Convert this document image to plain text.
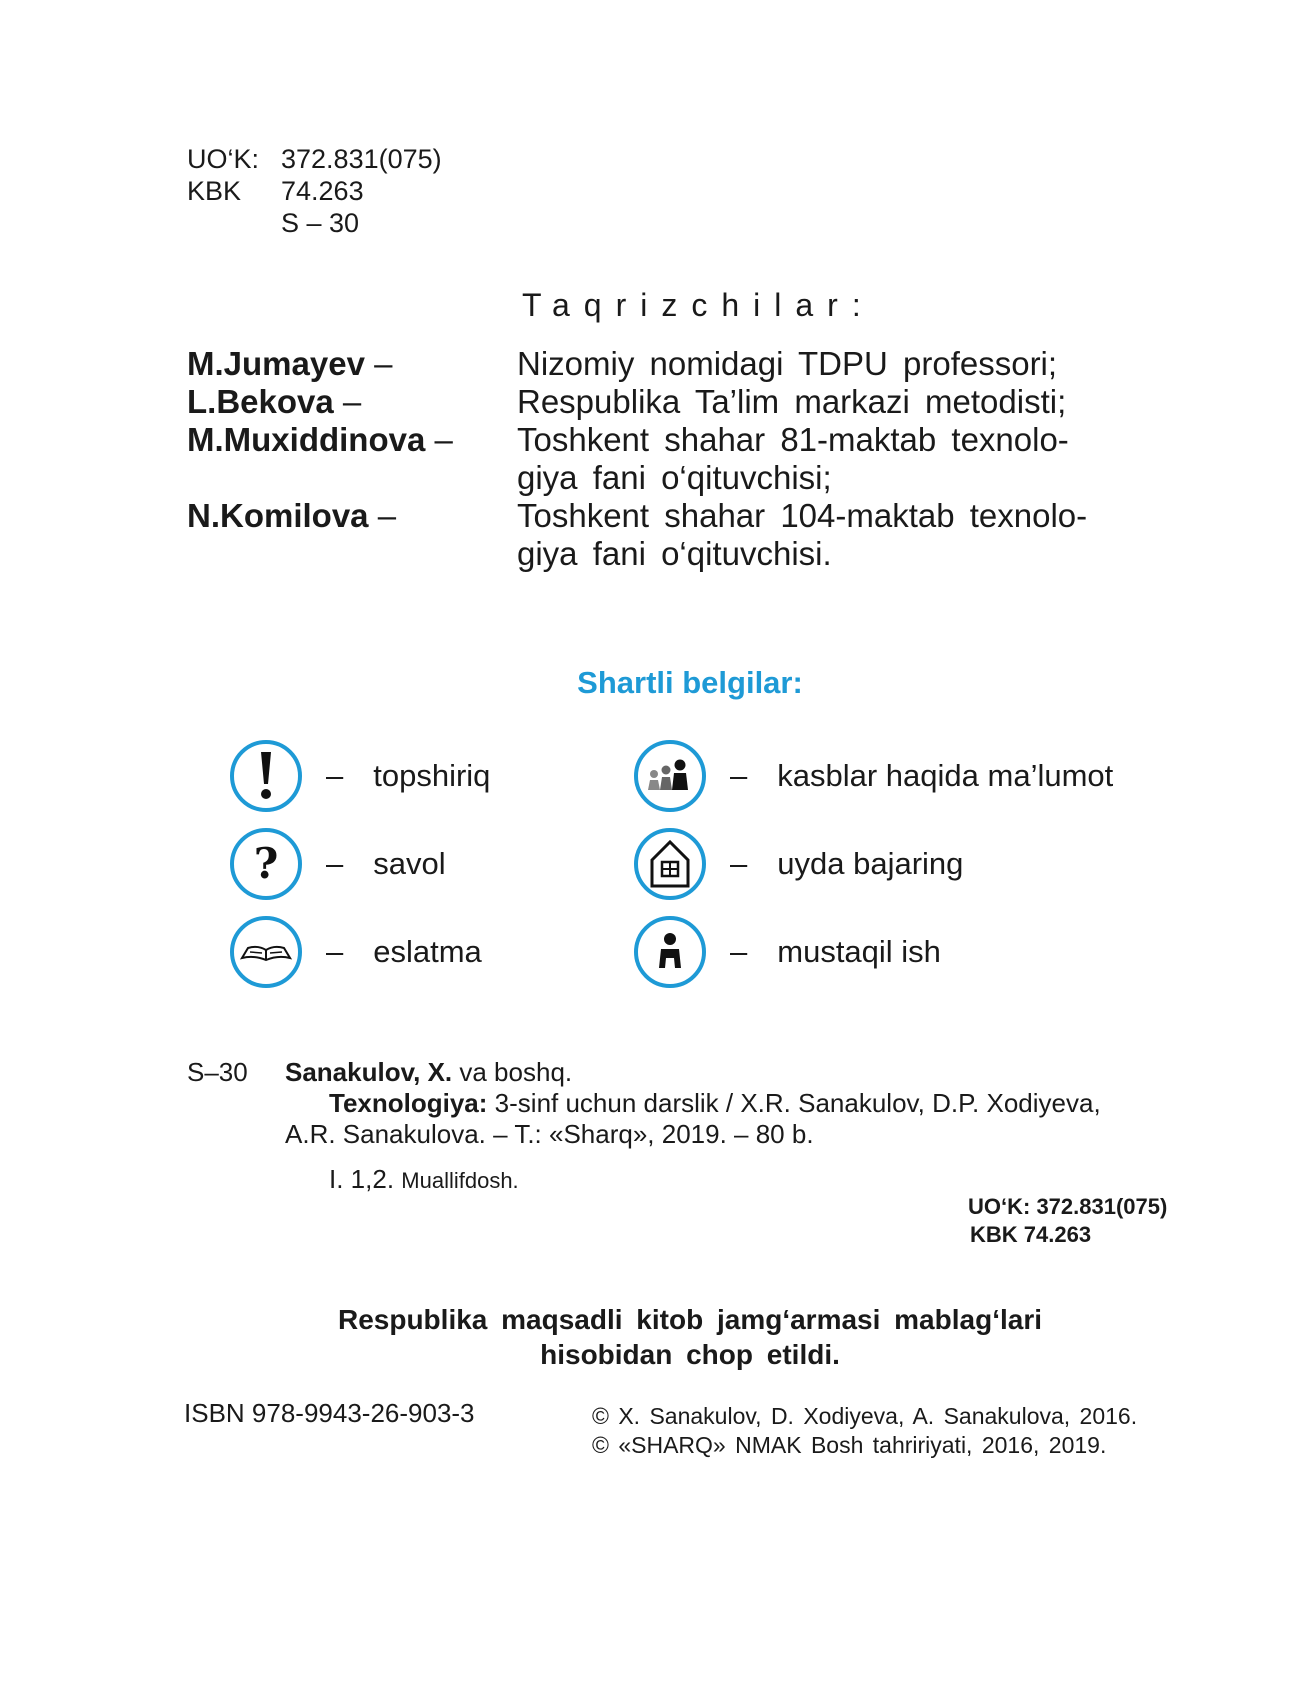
UO‘K: 372.831(075)
KBK	74.263
S – 30
Taqrizchilar:
M.Jumayev –	Nizomiy nomidagi TDPU professori;
L.Bekova –	Respublika Ta’lim markazi metodisti;
M.Muxiddinova –	Toshkent shahar 81-maktab texnolo-
giya fani o‘qituvchisi;
N.Komilova –	Toshkent shahar 104-maktab texnolo-
giya fani o‘qituvchisi.
Shartli belgilar:
– topshiriq
? – savol
– eslatma
– kasblar haqida ma’lumot
– uyda bajaring
– mustaqil ish
S–30 Sanakulov, X. va boshq.
Texnologiya: 3-sinf uchun darslik / X.R. Sanakulov, D.P. Xodiyeva,
A.R. Sanakulova. – T.: «Sharq», 2019. – 80 b.
I. 1,2. Muallifdosh.
UO‘K: 372.831(075)
KBK 74.263
Respublika maqsadli kitob jamg‘armasi mablag‘lari
hisobidan chop etildi.
ISBN 978-9943-26-903-3	© X. Sanakulov, D. Xodiyeva, A. Sanakulova, 2016.
© «SHARQ» NMAK Bosh tahririyati, 2016, 2019.
